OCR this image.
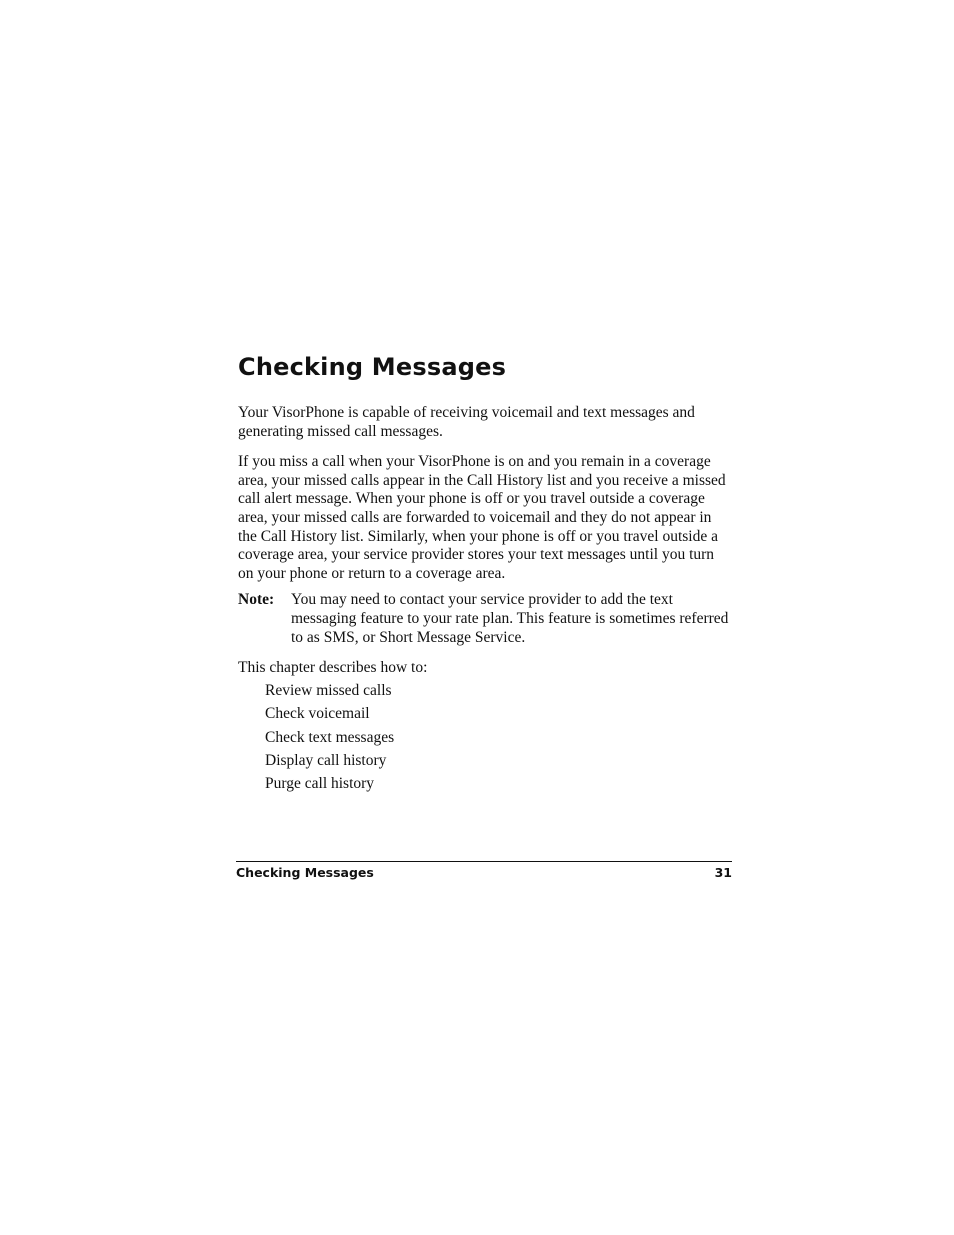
Checking Messages

Your VisorPhone is capable of receiving voicemail and text messages and generating missed call messages.

If you miss a call when your VisorPhone is on and you remain in a coverage area, your missed calls appear in the Call History list and you receive a missed call alert message. When your phone is off or you travel outside a coverage area, your missed calls are forwarded to voicemail and they do not appear in the Call History list. Similarly, when your phone is off or you travel outside a coverage area, your service provider stores your text messages until you turn on your phone or return to a coverage area.

Note:	You may need to contact your service provider to add the text messaging feature to your rate plan. This feature is sometimes referred to as SMS, or Short Message Service.

This chapter describes how to:

Review missed calls
Check voicemail
Check text messages
Display call history
Purge call history
Checking Messages	31
